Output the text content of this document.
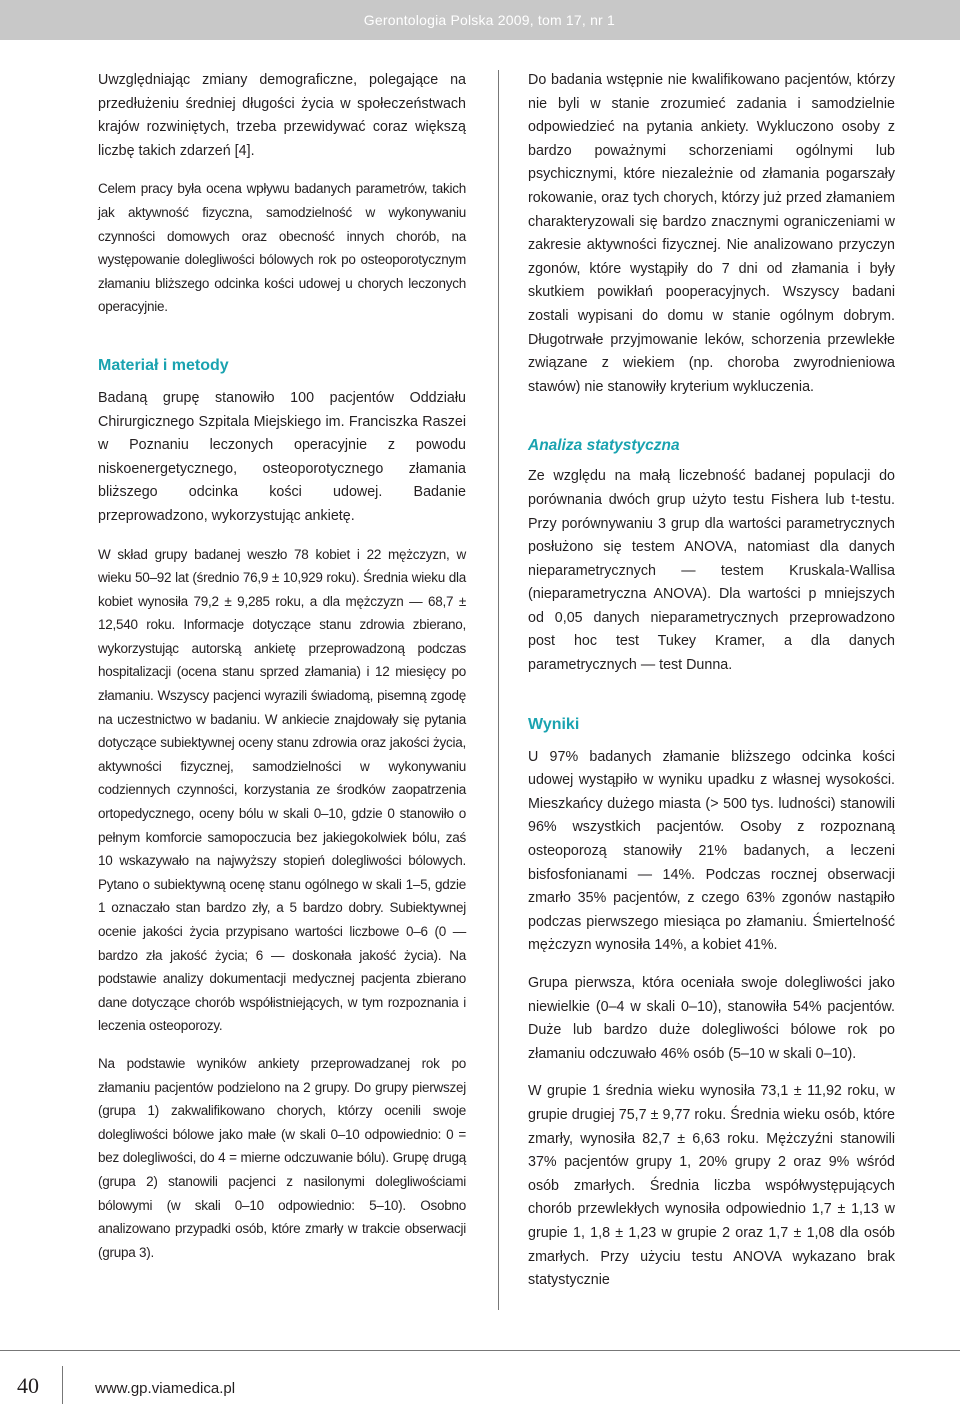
Gerontologia Polska 2009, tom 17, nr 1

Uwzględniając zmiany demograficzne, polegające na przedłużeniu średniej długości życia w społeczeństwach krajów rozwiniętych, trzeba przewidywać coraz większą liczbę takich zdarzeń [4].

Celem pracy była ocena wpływu badanych parametrów, takich jak aktywność fizyczna, samodzielność w wykonywaniu czynności domowych oraz obecność innych chorób, na występowanie dolegliwości bólowych rok po osteoporotycznym złamaniu bliższego odcinka kości udowej u chorych leczonych operacyjnie.

Materiał i metody

Badaną grupę stanowiło 100 pacjentów Oddziału Chirurgicznego Szpitala Miejskiego im. Franciszka Raszei w Poznaniu leczonych operacyjnie z powodu niskoenergetycznego, osteoporotycznego złamania bliższego odcinka kości udowej. Badanie przeprowadzono, wykorzystując ankietę.

W skład grupy badanej weszło 78 kobiet i 22 mężczyzn, w wieku 50–92 lat (średnio 76,9 ± 10,929 roku). Średnia wieku dla kobiet wynosiła 79,2 ± 9,285 roku, a dla mężczyzn — 68,7 ± 12,540 roku. Informacje dotyczące stanu zdrowia zbierano, wykorzystując autorską ankietę przeprowadzoną podczas hospitalizacji (ocena stanu sprzed złamania) i 12 miesięcy po złamaniu. Wszyscy pacjenci wyrazili świadomą, pisemną zgodę na uczestnictwo w badaniu. W ankiecie znajdowały się pytania dotyczące subiektywnej oceny stanu zdrowia oraz jakości życia, aktywności fizycznej, samodzielności w wykonywaniu codziennych czynności, korzystania ze środków zaopatrzenia ortopedycznego, oceny bólu w skali 0–10, gdzie 0 stanowiło o pełnym komforcie samopoczucia bez jakiegokolwiek bólu, zaś 10 wskazywało na najwyższy stopień dolegliwości bólowych. Pytano o subiektywną ocenę stanu ogólnego w skali 1–5, gdzie 1 oznaczało stan bardzo zły, a 5 bardzo dobry. Subiektywnej ocenie jakości życia przypisano wartości liczbowe 0–6 (0 — bardzo zła jakość życia; 6 — doskonała jakość życia). Na podstawie analizy dokumentacji medycznej pacjenta zbierano dane dotyczące chorób współistniejących, w tym rozpoznania i leczenia osteoporozy.

Na podstawie wyników ankiety przeprowadzanej rok po złamaniu pacjentów podzielono na 2 grupy. Do grupy pierwszej (grupa 1) zakwalifikowano chorych, którzy ocenili swoje dolegliwości bólowe jako małe (w skali 0–10 odpowiednio: 0 = bez dolegliwości, do 4 = mierne odczuwanie bólu). Grupę drugą (grupa 2) stanowili pacjenci z nasilonymi dolegliwościami bólowymi (w skali 0–10 odpowiednio: 5–10). Osobno analizowano przypadki osób, które zmarły w trakcie obserwacji (grupa 3).

Do badania wstępnie nie kwalifikowano pacjentów, którzy nie byli w stanie zrozumieć zadania i samodzielnie odpowiedzieć na pytania ankiety. Wykluczono osoby z bardzo poważnymi schorzeniami ogólnymi lub psychicznymi, które niezależnie od złamania pogarszały rokowanie, oraz tych chorych, którzy już przed złamaniem charakteryzowali się bardzo znacznymi ograniczeniami w zakresie aktywności fizycznej. Nie analizowano przyczyn zgonów, które wystąpiły do 7 dni od złamania i były skutkiem powikłań pooperacyjnych. Wszyscy badani zostali wypisani do domu w stanie ogólnym dobrym. Długotrwałe przyjmowanie leków, schorzenia przewlekłe związane z wiekiem (np. choroba zwyrodnieniowa stawów) nie stanowiły kryterium wykluczenia.

Analiza statystyczna

Ze względu na małą liczebność badanej populacji do porównania dwóch grup użyto testu Fishera lub t-testu. Przy porównywaniu 3 grup dla wartości parametrycznych posłużono się testem ANOVA, natomiast dla danych nieparametrycznych — testem Kruskala-Wallisa (nieparametryczna ANOVA). Dla wartości p mniejszych od 0,05 danych nieparametrycznych przeprowadzono post hoc test Tukey Kramer, a dla danych parametrycznych — test Dunna.

Wyniki

U 97% badanych złamanie bliższego odcinka kości udowej wystąpiło w wyniku upadku z własnej wysokości. Mieszkańcy dużego miasta (> 500 tys. ludności) stanowili 96% wszystkich pacjentów. Osoby z rozpoznaną osteoporozą stanowiły 21% badanych, a leczeni bisfosfonianami — 14%. Podczas rocznej obserwacji zmarło 35% pacjentów, z czego 63% zgonów nastąpiło podczas pierwszego miesiąca po złamaniu. Śmiertelność mężczyzn wynosiła 14%, a kobiet 41%.

Grupa pierwsza, która oceniała swoje dolegliwości jako niewielkie (0–4 w skali 0–10), stanowiła 54% pacjentów. Duże lub bardzo duże dolegliwości bólowe rok po złamaniu odczuwało 46% osób (5–10 w skali 0–10).

W grupie 1 średnia wieku wynosiła 73,1 ± 11,92 roku, w grupie drugiej 75,7 ± 9,77 roku. Średnia wieku osób, które zmarły, wynosiła 82,7 ± 6,63 roku. Mężczyźni stanowili 37% pacjentów grupy 1, 20% grupy 2 oraz 9% wśród osób zmarłych. Średnia liczba współwystępujących chorób przewlekłych wynosiła odpowiednio 1,7 ± 1,13 w grupie 1, 1,8 ± 1,23 w grupie 2 oraz 1,7 ± 1,08 dla osób zmarłych. Przy użyciu testu ANOVA wykazano brak statystycznie

40	www.gp.viamedica.pl
